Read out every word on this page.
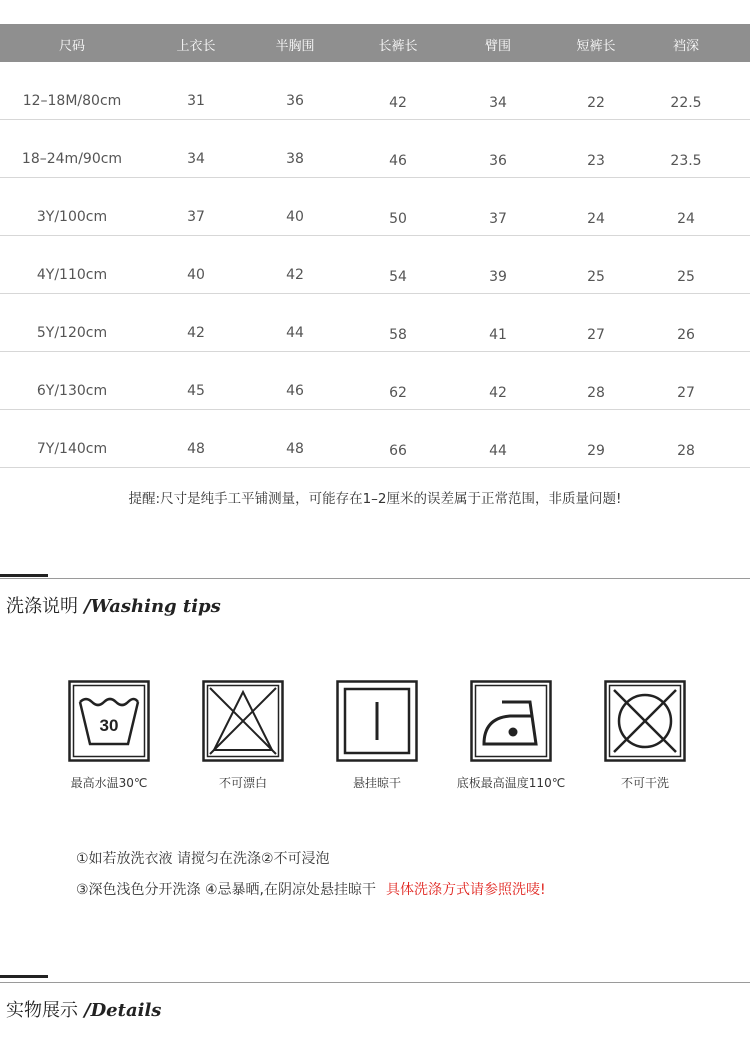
尺码	上衣长	半胸围	长裤长	臂围	短裤长	裆深
12–18M/80cm	31	36	42	34	22	22.5
18–24m/90cm	34	38	46	36	23	23.5
3Y/100cm	37	40	50	37	24	24
4Y/110cm	40	42	54	39	25	25
5Y/120cm	42	44	58	41	27	26
6Y/130cm	45	46	62	42	28	27
7Y/140cm	48	48	66	44	29	28
提醒:尺寸是纯手工平铺测量，可能存在1–2厘米的误差属于正常范围，非质量问题!
洗涤说明 /Washing tips
30
最高水温30℃	不可漂白	悬挂晾干	底板最高温度110℃	不可干洗
①如若放洗衣液 请搅匀在洗涤②不可浸泡
③深色浅色分开洗涤 ④忌暴晒,在阴凉处悬挂晾干 具体洗涤方式请参照洗唛!
实物展示 /Details
